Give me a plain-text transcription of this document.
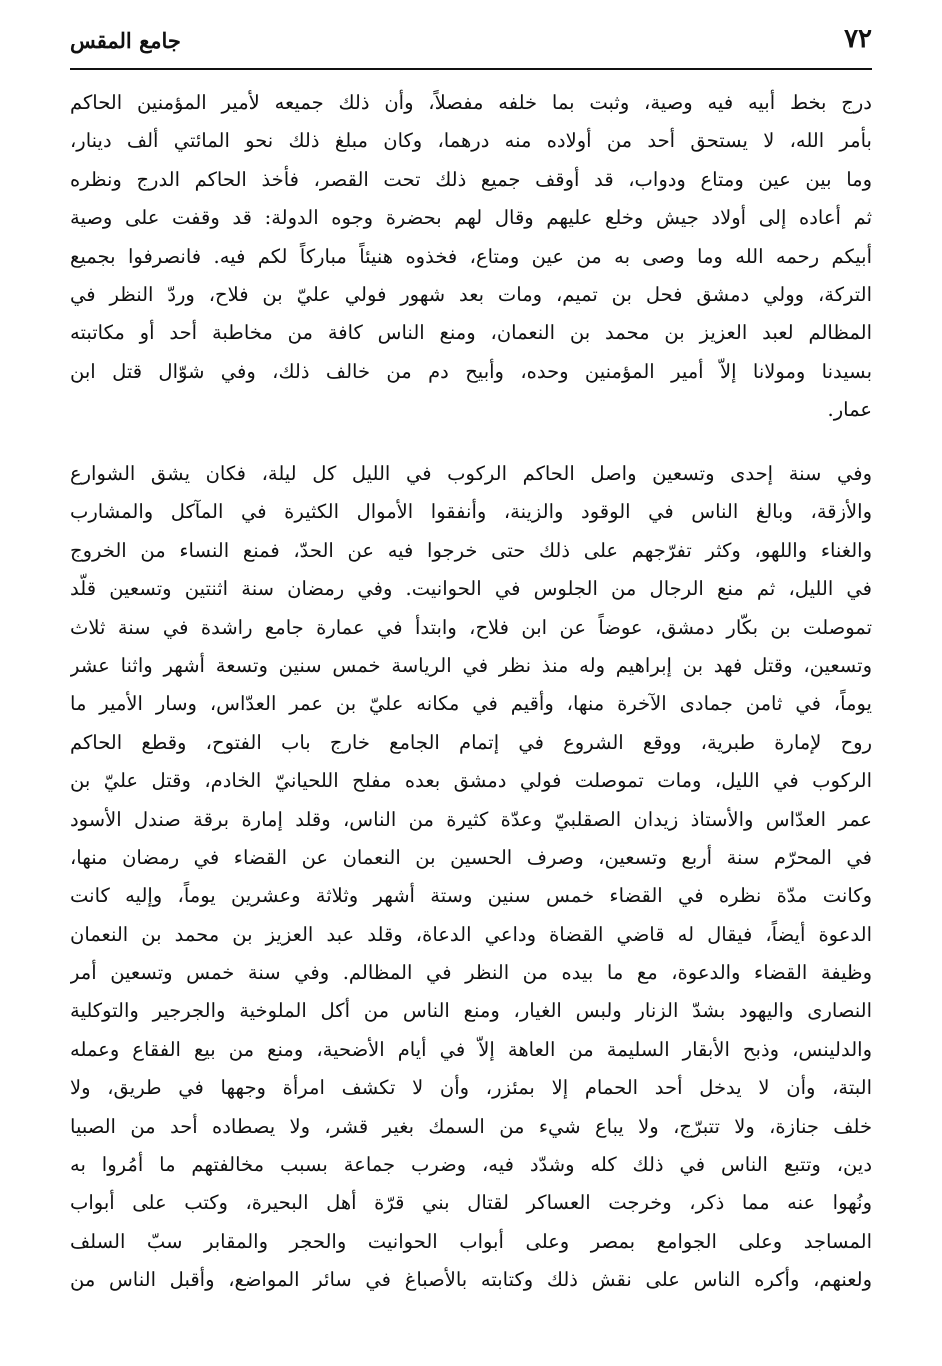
٧٢
جامع المقس
درج بخط أبيه فيه وصية، وثبت بما خلفه مفصلاً، وأن ذلك جميعه لأمير المؤمنين الحاكم
بأمر الله، لا يستحق أحد من أولاده منه درهما، وكان مبلغ ذلك نحو المائتي ألف دينار،
وما بين عين ومتاع ودواب، قد أوقف جميع ذلك تحت القصر، فأخذ الحاكم الدرج ونظره
ثم أعاده إلى أولاد جيش وخلع عليهم وقال لهم بحضرة وجوه الدولة: قد وقفت على وصية
أبيكم رحمه الله وما وصى به من عين ومتاع، فخذوه هنيئاً مباركاً لكم فيه. فانصرفوا بجميع
التركة، وولي دمشق فحل بن تميم، ومات بعد شهور فولي عليّ بن فلاح، وردّ النظر في
المظالم لعبد العزيز بن محمد بن النعمان، ومنع الناس كافة من مخاطبة أحد أو مكاتبته
بسيدنا ومولانا إلاّ أمير المؤمنين وحده، وأبيح دم من خالف ذلك، وفي شوّال قتل ابن
عمار.
وفي سنة إحدى وتسعين واصل الحاكم الركوب في الليل كل ليلة، فكان يشق الشوارع
والأزقة، وبالغ الناس في الوقود والزينة، وأنفقوا الأموال الكثيرة في المآكل والمشارب
والغناء واللهو، وكثر تفرّجهم على ذلك حتى خرجوا فيه عن الحدّ، فمنع النساء من الخروج
في الليل، ثم منع الرجال من الجلوس في الحوانيت. وفي رمضان سنة اثنتين وتسعين قلّد
تموصلت بن بكّار دمشق، عوضاً عن ابن فلاح، وابتدأ في عمارة جامع راشدة في سنة ثلاث
وتسعين، وقتل فهد بن إبراهيم وله منذ نظر في الرياسة خمس سنين وتسعة أشهر واثنا عشر
يوماً، في ثامن جمادى الآخرة منها، وأقيم في مكانه عليّ بن عمر العدّاس، وسار الأمير ما
روح لإمارة طبرية، ووقع الشروع في إتمام الجامع خارج باب الفتوح، وقطع الحاكم
الركوب في الليل، ومات تموصلت فولي دمشق بعده مفلح اللحيانيّ الخادم، وقتل عليّ بن
عمر العدّاس والأستاذ زيدان الصقلبيّ وعدّة كثيرة من الناس، وقلد إمارة برقة صندل الأسود
في المحرّم سنة أربع وتسعين، وصرف الحسين بن النعمان عن القضاء في رمضان منها،
وكانت مدّة نظره في القضاء خمس سنين وستة أشهر وثلاثة وعشرين يوماً، وإليه كانت
الدعوة أيضاً، فيقال له قاضي القضاة وداعي الدعاة، وقلد عبد العزيز بن محمد بن النعمان
وظيفة القضاء والدعوة، مع ما بيده من النظر في المظالم. وفي سنة خمس وتسعين أمر
النصارى واليهود بشدّ الزنار ولبس الغيار، ومنع الناس من أكل الملوخية والجرجير والتوكلية
والدلينس، وذبح الأبقار السليمة من العاهة إلاّ في أيام الأضحية، ومنع من بيع الفقاع وعمله
البتة، وأن لا يدخل أحد الحمام إلا بمئزر، وأن لا تكشف امرأة وجهها في طريق، ولا
خلف جنازة، ولا تتبرّج، ولا يباع شيء من السمك بغير قشر، ولا يصطاده أحد من الصبيا
دين، وتتبع الناس في ذلك كله وشدّد فيه، وضرب جماعة بسبب مخالفتهم ما أمُروا به
ونُهوا عنه مما ذكر، وخرجت العساكر لقتال بني قرّة أهل البحيرة، وكتب على أبواب
المساجد وعلى الجوامع بمصر وعلى أبواب الحوانيت والحجر والمقابر سبّ السلف
ولعنهم، وأكره الناس على نقش ذلك وكتابته بالأصباغ في سائر المواضع، وأقبل الناس من
